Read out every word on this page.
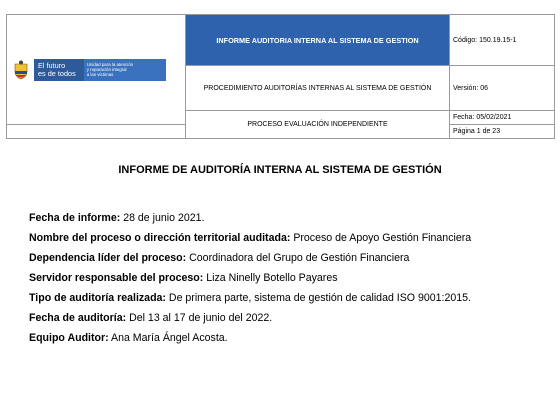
El futuro
es de todos
Unidad para la atención
y reparación integral
a las víctimas	INFORME AUDITORIA INTERNA AL SISTEMA DE GESTION	Código: 150.19.15-1
	PROCEDIMIENTO AUDITORÍAS INTERNAS AL SISTEMA DE GESTIÓN	Versión: 06
	PROCESO EVALUACIÓN INDEPENDIENTE	Fecha: 05/02/2021
		Página 1 de 23
INFORME DE AUDITORÍA INTERNA AL SISTEMA DE GESTIÓN

Fecha de informe: 28 de junio 2021.

Nombre del proceso o dirección territorial auditada: Proceso de Apoyo Gestión Financiera

Dependencia líder del proceso: Coordinadora del Grupo de Gestión Financiera

Servidor responsable del proceso: Liza Ninelly Botello Payares

Tipo de auditoría realizada: De primera parte, sistema de gestión de calidad ISO 9001:2015.

Fecha de auditoría: Del 13 al 17 de junio del 2022.

Equipo Auditor: Ana María Ángel Acosta.
